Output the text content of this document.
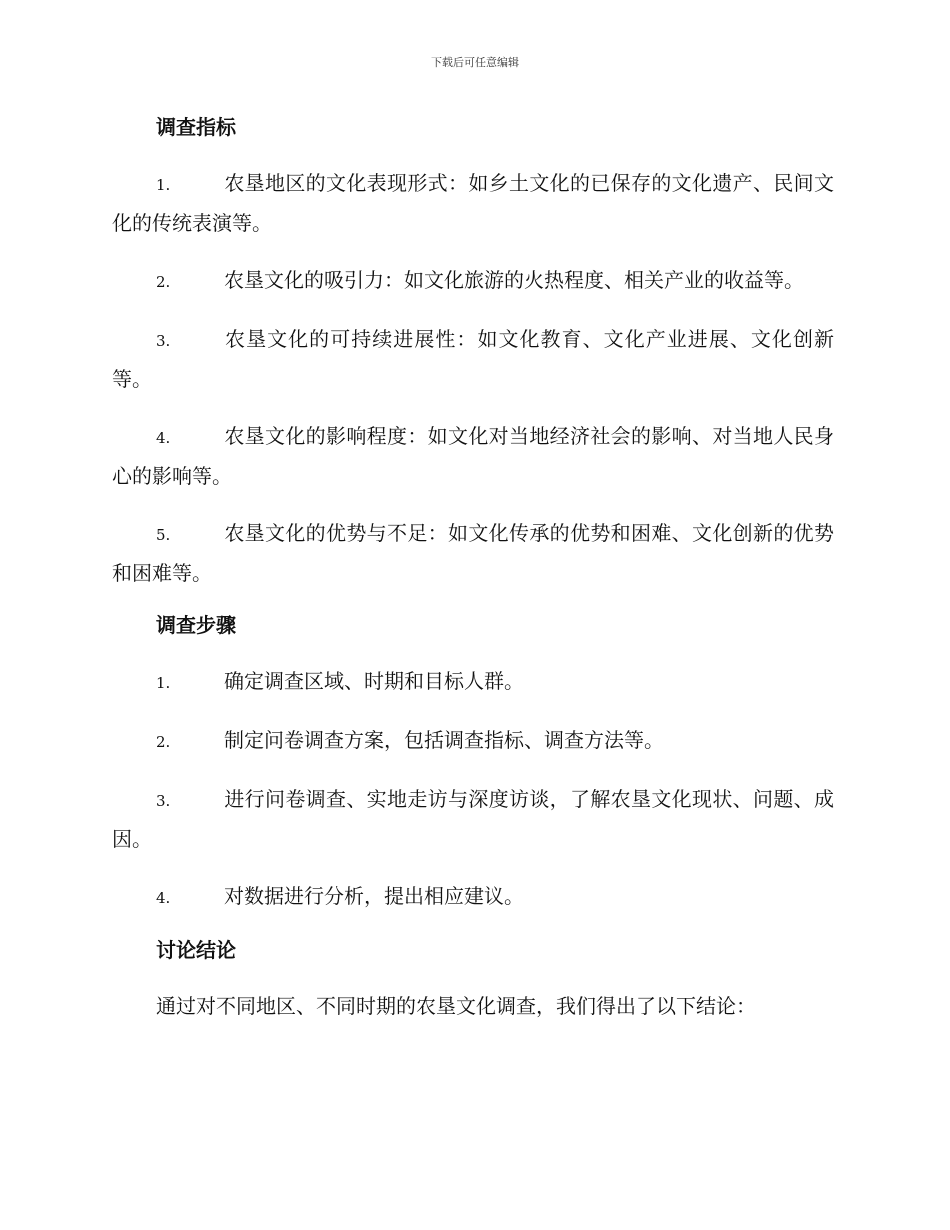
下载后可任意编辑
调查指标

1.	农垦地区的文化表现形式：如乡土文化的已保存的文化遗产、民间文化的传统表演等。

2.	农垦文化的吸引力：如文化旅游的火热程度、相关产业的收益等。

3.	农垦文化的可持续进展性：如文化教育、文化产业进展、文化创新等。

4.	农垦文化的影响程度：如文化对当地经济社会的影响、对当地人民身心的影响等。

5.	农垦文化的优势与不足：如文化传承的优势和困难、文化创新的优势和困难等。

调查步骤

1.	确定调查区域、时期和目标人群。

2.	制定问卷调查方案，包括调查指标、调查方法等。

3.	进行问卷调查、实地走访与深度访谈，了解农垦文化现状、问题、成因。

4.	对数据进行分析，提出相应建议。

讨论结论

通过对不同地区、不同时期的农垦文化调查，我们得出了以下结论：
